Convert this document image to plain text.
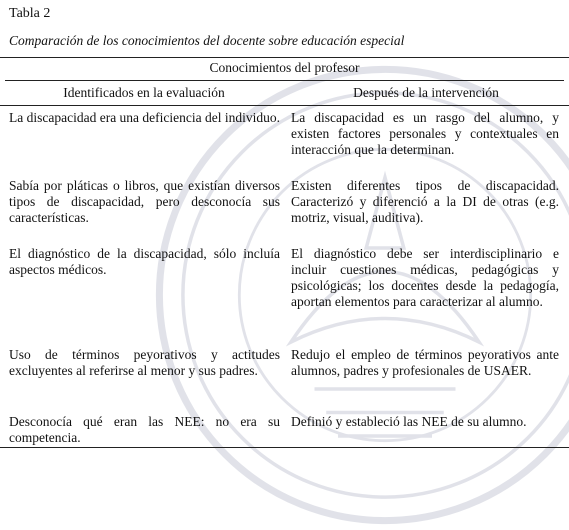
Tabla 2
Comparación de los conocimientos del docente sobre educación especial
Conocimientos del profesor
Identificados en la evaluación	Después de la intervención
La discapacidad era una deficiencia del individuo. La discapacidad es un rasgo del alumno, y existen factores personales y contextuales en interacción que la determinan.
Sabía por pláticas o libros, que existían diversos tipos de discapacidad, pero desconocía sus características.
Existen diferentes tipos de discapacidad. Caracterizó y diferenció a la DI de otras (e.g. motriz, visual, auditiva).
El diagnóstico de la discapacidad, sólo incluía aspectos médicos.
El diagnóstico debe ser interdisciplinario e incluir cuestiones médicas, pedagógicas y psicológicas; los docentes desde la pedagogía, aportan elementos para caracterizar al alumno.
Uso de términos peyorativos y actitudes excluyentes al referirse al menor y sus padres.
Redujo el empleo de términos peyorativos ante alumnos, padres y profesionales de USAER.
Desconocía qué eran las NEE: no era su competencia.
Definió y estableció las NEE de su alumno.
